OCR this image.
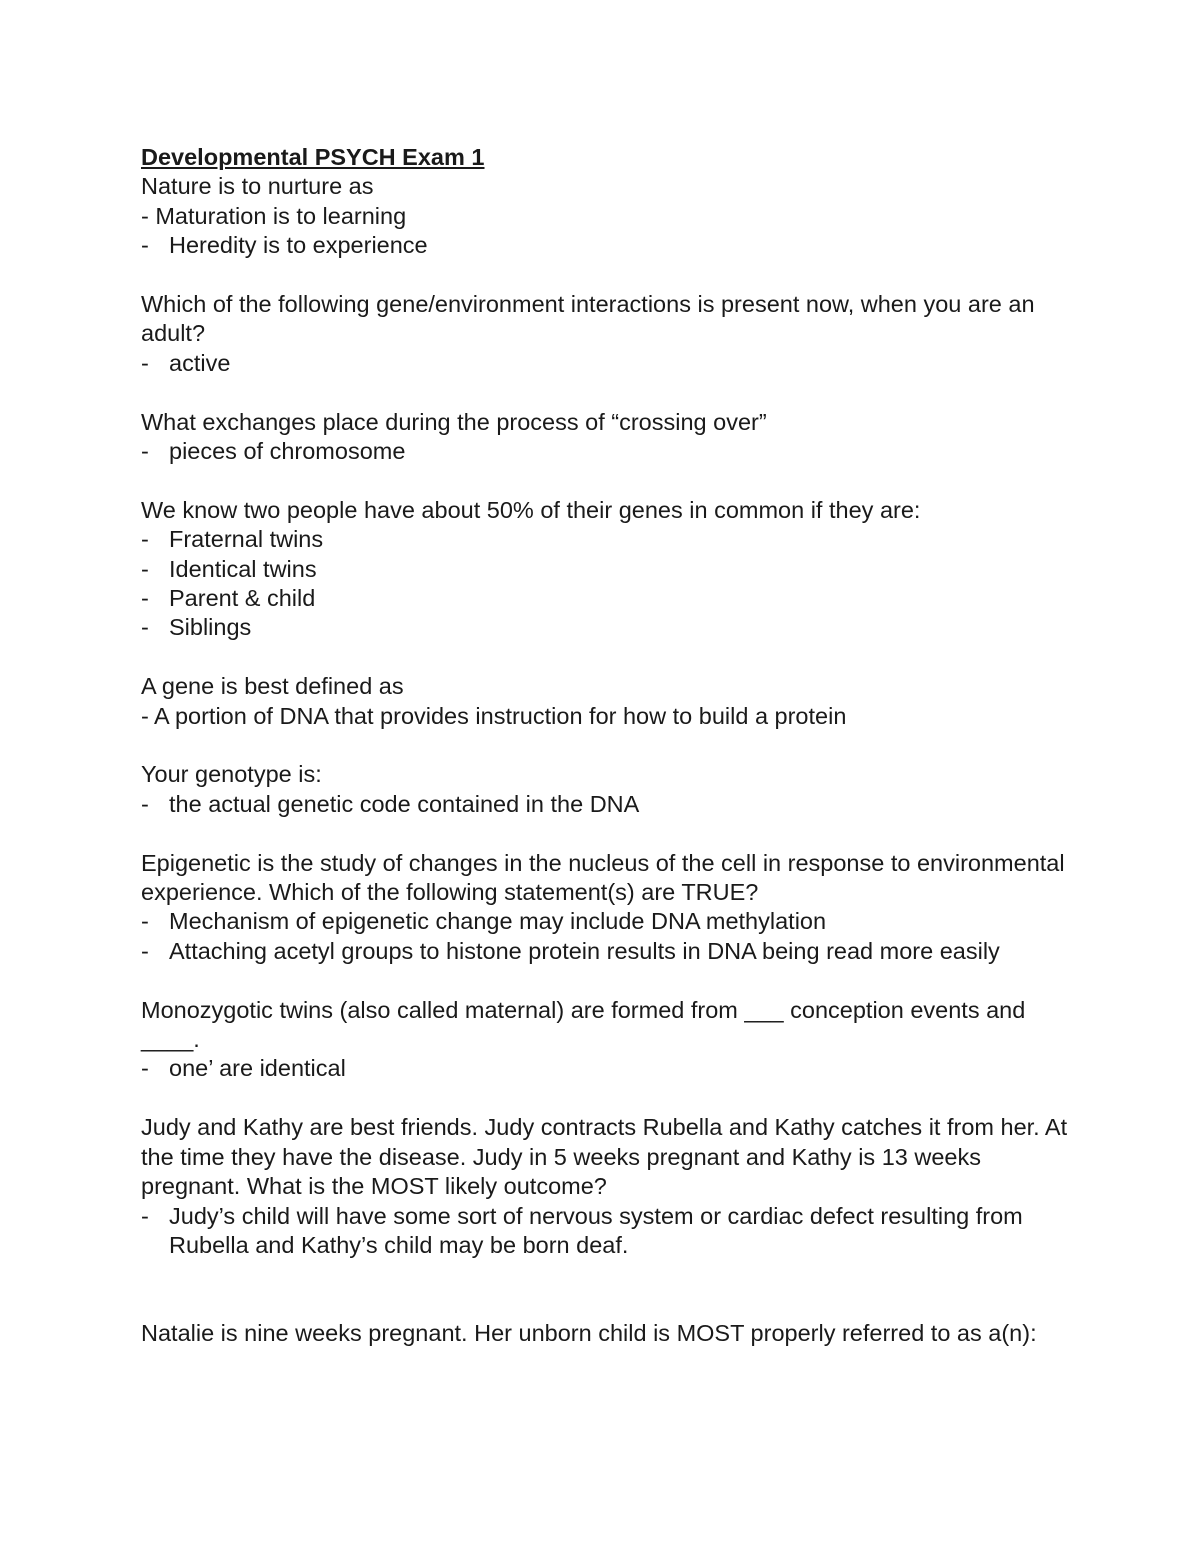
Developmental PSYCH Exam 1

Nature is to nurture as

- Maturation is to learning

- Heredity is to experience

Which of the following gene/environment interactions is present now, when you are an adult?

- active

What exchanges place during the process of “crossing over”

- pieces of chromosome

We know two people have about 50% of their genes in common if they are:

- Fraternal twins
- Identical twins
- Parent & child
- Siblings

A gene is best defined as

- A portion of DNA that provides instruction for how to build a protein

Your genotype is:

- the actual genetic code contained in the DNA

Epigenetic is the study of changes in the nucleus of the cell in response to environmental experience. Which of the following statement(s) are TRUE?

- Mechanism of epigenetic change may include DNA methylation
- Attaching acetyl groups to histone protein results in DNA being read more easily

Monozygotic twins (also called maternal) are formed from ___ conception events and ____.

- one’ are identical

Judy and Kathy are best friends. Judy contracts Rubella and Kathy catches it from her. At the time they have the disease. Judy in 5 weeks pregnant and Kathy is 13 weeks pregnant. What is the MOST likely outcome?

- Judy’s child will have some sort of nervous system or cardiac defect resulting from Rubella and Kathy’s child may be born deaf.

Natalie is nine weeks pregnant. Her unborn child is MOST properly referred to as a(n):
